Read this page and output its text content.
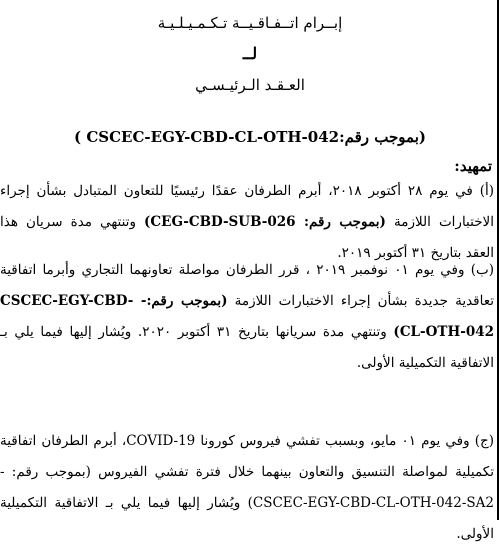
إبــرام اتــفـاقـيــة تـكـمـيـلـيـة
لــ
العـقـد الـرئيـسـي
(بموجب رقم:CSCEC-EGY-CBD-CL-OTH-042 )
تمهيد:
(أ) في يوم ٢٨ أكتوبر ٢٠١٨، أبرم الطرفان عقدًا رئيسيًا للتعاون المتبادل بشأن إجراء الاختبارات اللازمة (بموجب رقم: CEG-CBD-SUB-026) وتنتهي مدة سريان هذا العقد بتاريخ ٣١ أكتوبر ٢٠١٩.
(ب) وفي يوم ٠١ نوفمبر ٢٠١٩ ، قرر الطرفان مواصلة تعاونهما التجاري وأبرما اتفاقية تعاقدية جديدة بشأن إجراء الاختبارات اللازمة (بموجب رقم:- CSCEC-EGY-CBD-CL-OTH-042) وتنتهي مدة سريانها بتاريخ ٣١ أكتوبر ٢٠٢٠. ويُشار إليها فيما يلي بـ الاتفاقية التكميلية الأولى.
(ج) وفي يوم ٠١ مايو، وبسبب تفشي فيروس كورونا COVID-19، أبرم الطرفان اتفاقية تكميلية لمواصلة التنسيق والتعاون بينهما خلال فترة تفشي الفيروس (بموجب رقم: -CSCEC-EGY-CBD-CL-OTH-042-SA2) ويُشار إليها فيما يلي بـ الاتفاقية التكميلية الأولى.
